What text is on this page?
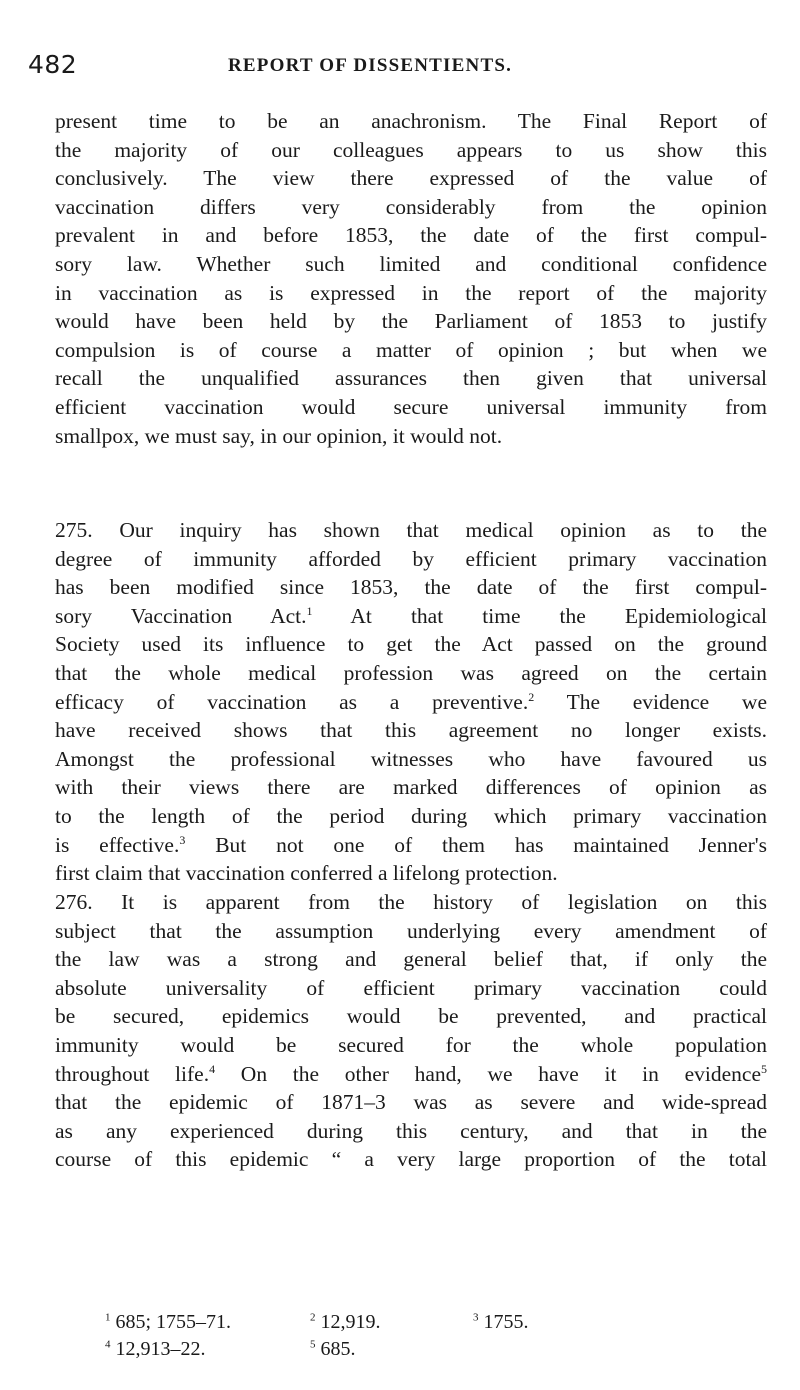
482	REPORT OF DISSENTIENTS.

present time to be an anachronism. The Final Report of
the majority of our colleagues appears to us show this
conclusively. The view there expressed of the value of
vaccination differs very considerably from the opinion
prevalent in and before 1853, the date of the first compul-
sory law. Whether such limited and conditional confidence
in vaccination as is expressed in the report of the majority
would have been held by the Parliament of 1853 to justify
compulsion is of course a matter of opinion ; but when we
recall the unqualified assurances then given that universal
efficient vaccination would secure universal immunity from
smallpox, we must say, in our opinion, it would not.

275. Our inquiry has shown that medical opinion as to the
degree of immunity afforded by efficient primary vaccination
has been modified since 1853, the date of the first compul-
sory Vaccination Act.$^1$ At that time the Epidemiological
Society used its influence to get the Act passed on the ground
that the whole medical profession was agreed on the certain
efficacy of vaccination as a preventive.$^2$ The evidence we
have received shows that this agreement no longer exists.
Amongst the professional witnesses who have favoured us
with their views there are marked differences of opinion as
to the length of the period during which primary vaccination
is effective.$^3$ But not one of them has maintained Jenner's
first claim that vaccination conferred a lifelong protection.

276. It is apparent from the history of legislation on this
subject that the assumption underlying every amendment of
the law was a strong and general belief that, if only the
absolute universality of efficient primary vaccination could
be secured, epidemics would be prevented, and practical
immunity would be secured for the whole population
throughout life.$^4$ On the other hand, we have it in evidence$^5$
that the epidemic of 1871–3 was as severe and wide-spread
as any experienced during this century, and that in the
course of this epidemic “ a very large proportion of the total

$^1$ 685; 1755–71.	$^2$ 12,919.	$^3$ 1755.
$^4$ 12,913–22.	$^5$ 685.
